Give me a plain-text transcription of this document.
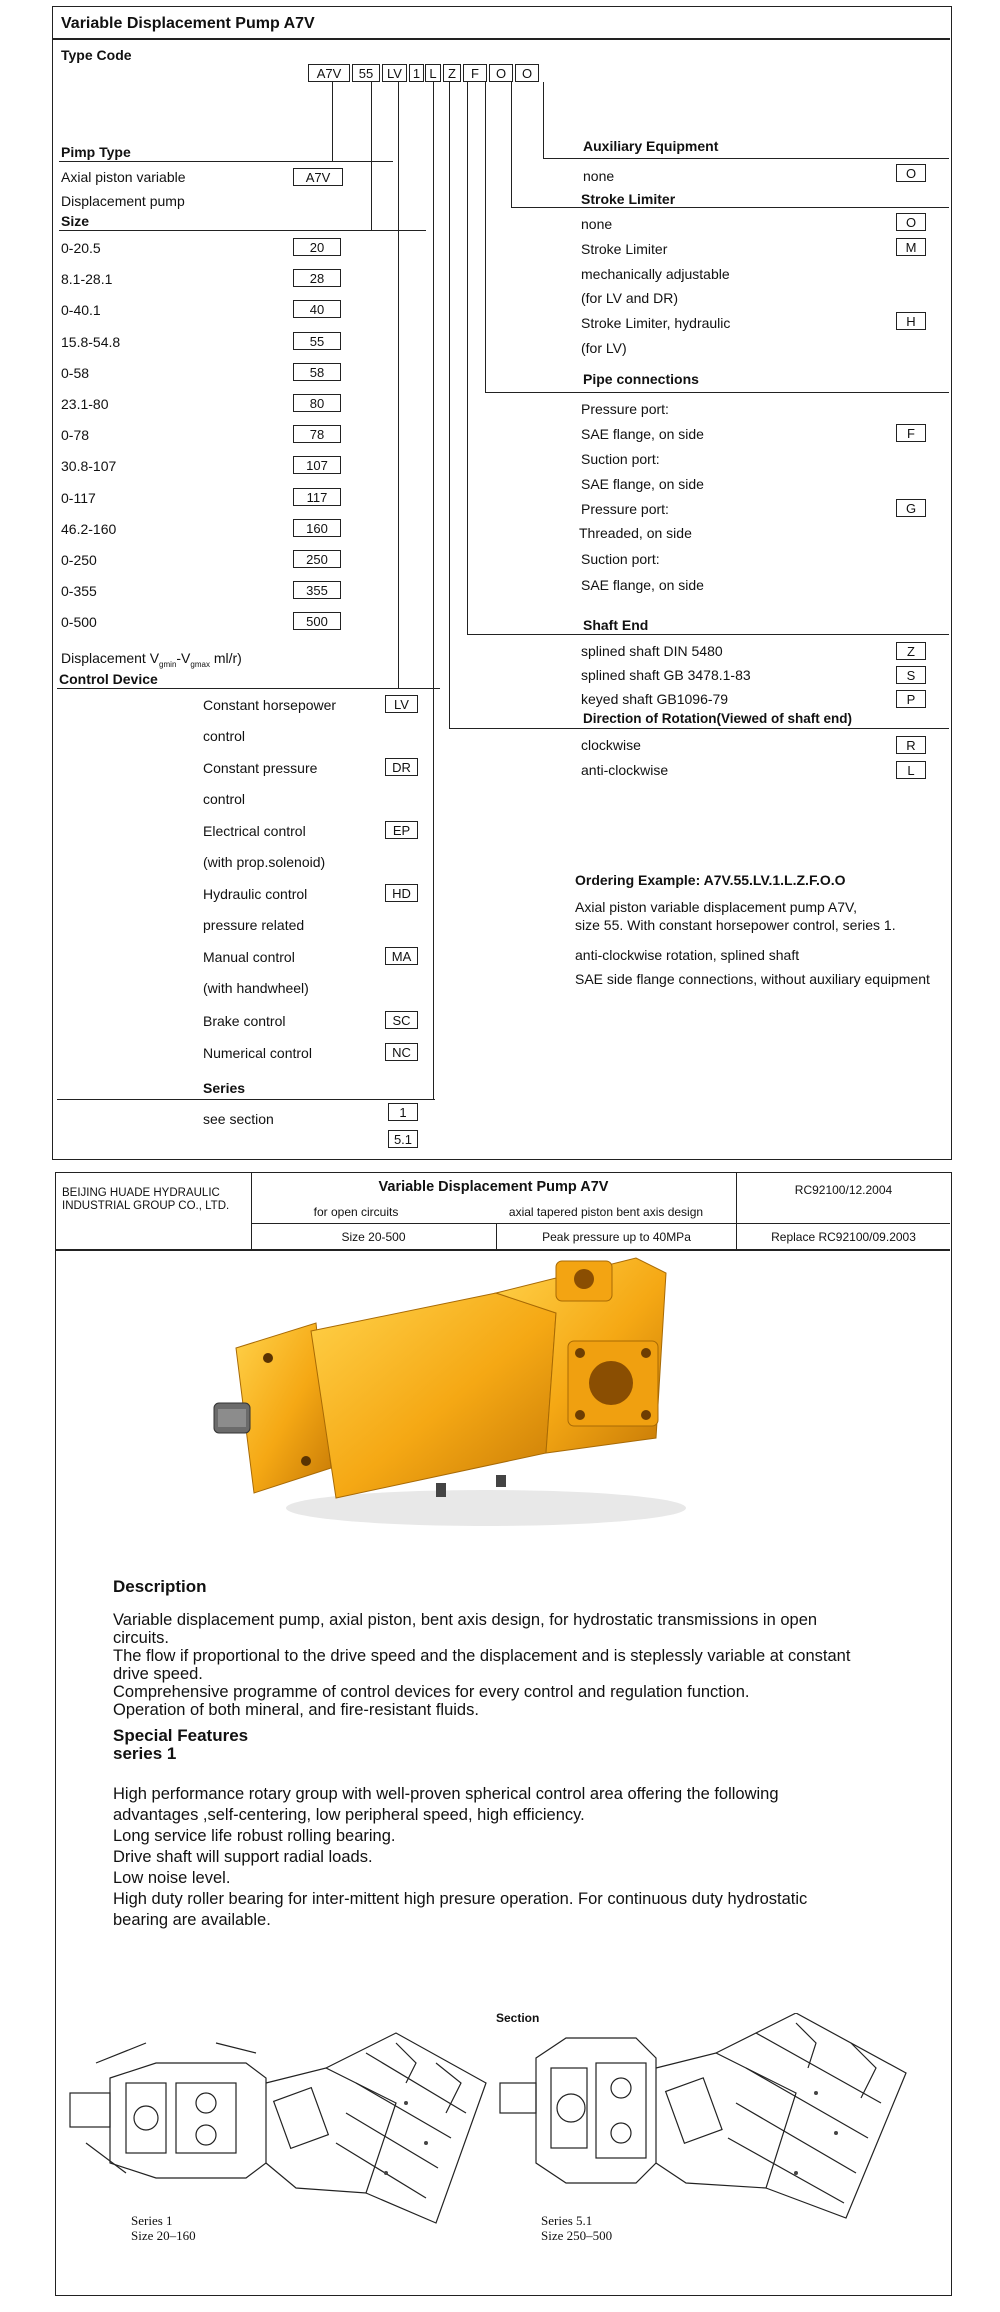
Variable Displacement Pump A7V
Type Code
A7V	55	LV 1 L Z	F	O	O
Pimp Type
Axial piston variable
Displacement pump
A7V
Size
0-20.5	20
8.1-28.1	28
0-40.1	40
15.8-54.8	55
0-58	58
23.1-80	80
0-78	78
30.8-107	107
0-117	117
46.2-160	160
0-250	250
0-355	355
0-500	500
Displacement $V_{gmin}-V_{gmax}$ ml/r)
Control Device
Constant horsepower
control
LV
Constant pressure
control
DR
Electrical control
(with prop.solenoid)
EP
Hydraulic control
pressure related
HD
Manual control
(with handwheel)
MA
Brake control	SC
Numerical control	NC
Series
see section	1
5.1
Auxiliary Equipment
none	O
Stroke Limiter
none	O
Stroke Limiter	M
mechanically adjustable
(for LV and DR)
Stroke Limiter, hydraulic	H
(for LV)
Pipe connections
Pressure port:
SAE flange, on side	F
Suction port:
SAE flange, on side
Pressure port:	G
Threaded, on side
Suction port:
SAE flange, on side
Shaft End
splined shaft DIN 5480	Z
splined shaft GB 3478.1-83	S
keyed shaft GB1096-79	P
Direction of Rotation(Viewed of shaft end)
clockwise	R
anti-clockwise	L
Ordering Example: A7V.55.LV.1.L.Z.F.O.O
Axial piston variable displacement pump A7V,
size 55. With constant horsepower control, series 1.
anti-clockwise rotation, splined shaft
SAE side flange connections, without auxiliary equipment
BEIJING HUADE HYDRAULIC
INDUSTRIAL GROUP CO., LTD.
Variable Displacement Pump A7V
for open circuits	axial tapered piston bent axis design
RC92100/12.2004
Size 20-500	Peak pressure up to 40MPa	Replace RC92100/09.2003
Description
Variable displacement pump, axial piston, bent axis design, for hydrostatic transmissions in open
circuits.
The flow if proportional to the drive speed and the displacement and is steplessly variable at constant
drive speed.
Comprehensive programme of control devices for every control and regulation function.
Operation of both mineral, and fire-resistant fluids.
Special Features
series 1
High performance rotary group with well-proven spherical control area offering the following
advantages ,self-centering, low peripheral speed, high efficiency.
Long service life robust rolling bearing.
Drive shaft will support radial loads.
Low noise level.
High duty roller bearing for inter-mittent high presure operation. For continuous duty hydrostatic
bearing are available.
Section
Series 1
Size 20–160
Series 5.1
Size 250–500
